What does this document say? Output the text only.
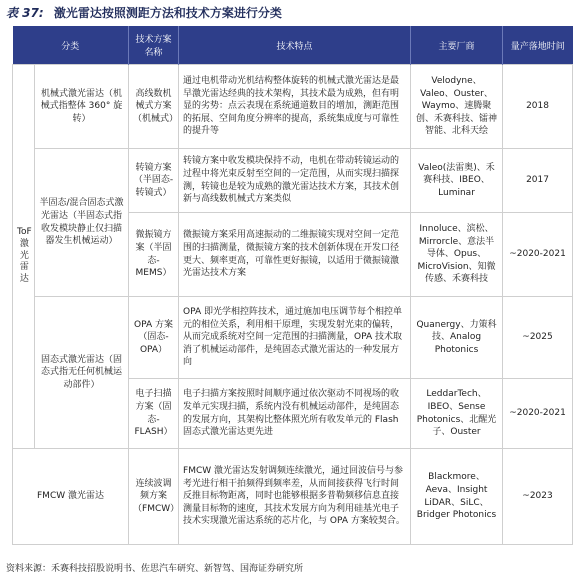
表 37: 激光雷达按照测距方法和技术方案进行分类
分类		技术方案名称	技术特点	主要厂商	量产落地时间
ToF 激光雷达	机械式激光雷达（机械式指整体 360° 旋转）	高线数机械式方案（机械式）	通过电机带动光机结构整体旋转的机械式激光雷达是最早激光雷达经典的技术架构，其技术最为成熟，但有明显的劣势：点云表现在系统通道数目的增加，测距范围的拓展、空间角度分辨率的提高，系统集成度与可靠性的提升等	Velodyne、Valeo、Ouster、Waymo、速腾聚创、禾赛科技、镭神智能、北科天绘	2018
	半固态/混合固态式激光雷达（半固态式指收发模块静止仅扫描器发生机械运动）	转镜方案（半固态-转镜式）	转镜方案中收发模块保持不动，电机在带动转镜运动的过程中将光束反射至空间的一定范围，从而实现扫描探测，转镜也是较为成熟的激光雷达技术方案，其技术创新与高线数机械式方案类似	Valeo(法雷奥)、禾赛科技、IBEO、Luminar	2017
		微振镜方案（半固态-MEMS）	微振镜方案采用高速振动的二维振镜实现对空间一定范围的扫描测量，微振镜方案的技术创新体现在开发口径更大、频率更高，可靠性更好振镜，以适用于微振镜激光雷达技术方案	Innoluce、滨松、Mirrorcle、意法半导体、Opus、MicroVision、知微传感、禾赛科技	~2020-2021
	固态式激光雷达（固态式指无任何机械运动部件）	OPA 方案（固态-OPA）	OPA 即光学相控阵技术，通过施加电压调节每个相控单元的相位关系，利用相干原理，实现发射光束的偏转，从而完成系统对空间一定范围的扫描测量，OPA 技术取消了机械运动部件，是纯固态式激光雷达的一种发展方向	Quanergy、力策科技、Analog Photonics	~2025
		电子扫描方案（固态-FLASH）	电子扫描方案按照时间顺序通过依次驱动不同视场的收发单元实现扫描，系统内没有机械运动部件，是纯固态的发展方向，其架构比整体照光所有收发单元的 Flash 固态式激光雷达更先进	LeddarTech、IBEO、Sense Photonics、北醒光子、Ouster	~2020-2021
FMCW 激光雷达		连续波调频方案（FMCW）	FMCW 激光雷达发射调频连续激光，通过回波信号与参考光进行相干拍频得到频率差，从而间接获得飞行时间反推目标物距离，同时也能够根据多普勒频移信息直接测量目标物的速度，其技术发展方向为利用硅基光电子技术实现激光雷达系统的芯片化，与 OPA 方案较契合。	Blackmore、Aeva、Insight LiDAR、SiLC、Bridger Photonics	~2023
资料来源：禾赛科技招股说明书、佐思汽车研究、新智驾、国海证券研究所
